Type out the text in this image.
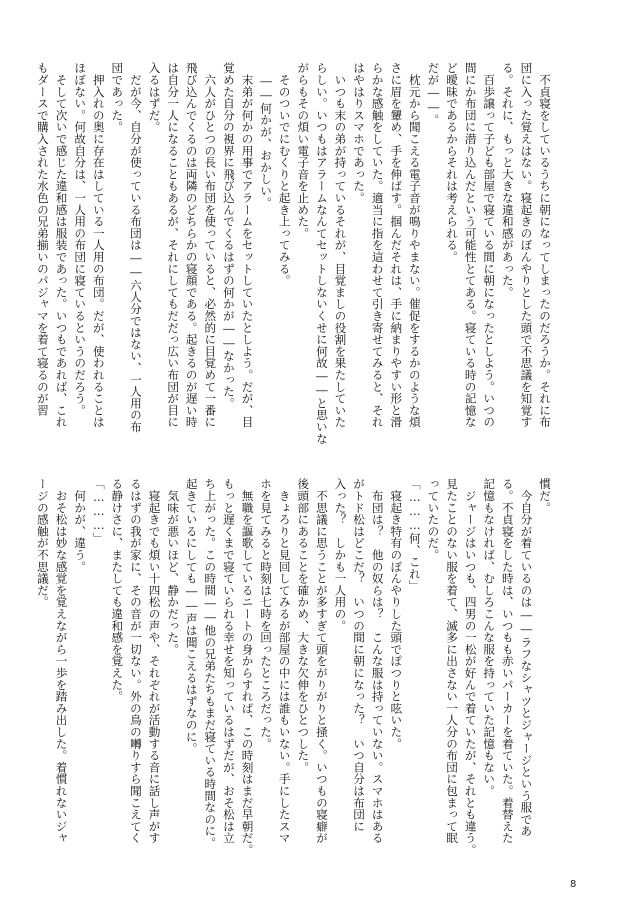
　不貞寝をしているうちに朝になってしまったのだろうか。それに布
団に入った覚えはない。寝起きのぼんやりとした頭で不思議を知覚す
る。それに、もっと大きな違和感があった。
　百歩譲って子ども部屋で寝ている間に朝になったとしよう。いつの
間にか布団に潜り込んだという可能性とてある。寝ている時の記憶な
ど曖昧であるからそれは考えられる。
だが――。

　枕元から聞こえる電子音が鳴りやまない。催促をするかのような煩
さに眉を顰め、手を伸ばす。掴んだそれは、手に納まりやすい形と滑
らかな感触をしていた。適当に指を這わせて引き寄せてみると、それ
はやはりスマホであった。
　いつも末の弟が持っているそれが、目覚ましの役割を果たしていた
らしい。いつもはアラームなんてセットしないくせに何故――と思いな
がらもその煩い電子音を止めた。
　そのついでにむくりと起き上ってみる。

　――何かが、おかしい。

　末弟が何かの用事でアラームをセットしていたとしよう。だが、目
覚めた自分の視界に飛び込んでくるはずの何かが――なかった。
　六人がひとつの長い布団を使っていると、必然的に目覚めて一番に
飛び込んでくるのは両隣のどちらかの寝顔である。起きるのが遅い時
は自分一人になることもあるが、それにしてもだだっ広い布団が目に
入るはずだ。
　だが今、自分が使っている布団は――六人分ではない、一人用の布
団であった。
　押入れの奥に存在はしている一人用の布団。だが、使われることは
ほぼない。何故自分は、一人用の布団に寝ているというのだろう。
　そして次いで感じた違和感は服装であった。いつもであれば、これ
もダースで購入された水色の兄弟揃いのパジャマを着て寝るのが習

慣だ。
　今自分が着ているのは――ラフなシャツとジャージという服であ
る。不貞寝をした時は、いつもも赤いパーカーを着ていた。着替えた
記憶もなければ、むしろこんな服を持っていた記憶もない。
　ジャージはいつも、四男の一松が好んで着ていたが、それとも違う。
見たことのない服を着て、滅多に出さない一人分の布団に包まって眠
っていたのだ。

「………何、これ」
　寝起き特有のぼんやりした頭でぽつりと呟いた。
　布団は？　他の奴らは？　こんな服は持っていない。スマホはある
がトド松はどこだ？　いつの間に朝になった？　いつ自分は布団に
入った？　しかも一人用の。
　不思議に思うことが多すぎて頭をがりがりと掻く。いつもの寝癖が
後頭部にあることを確かめ、大きな欠伸をひとつした。
　きょろりと見回してみるが部屋の中には誰もいない。手にしたスマ
ホを見てみると時刻は七時を回ったところだった。
　無職を謳歌しているニートの身からすれば、この時刻はまだ早朝だ。
もっと遅くまで寝ていられる幸せを知っているはずだが、おそ松は立
ち上がった。この時間――他の兄弟たちもまだ寝ている時間なのに。
起きているにしても――声は聞こえるはずなのに。
　気味が悪いほど、静かだった。
　寝起きでも煩い十四松の声や、それぞれが活動する音に話し声がす
るはずの我が家に、その音が一切ない。外の鳥の囀りすら聞こえてく
る静けさに、またしても違和感を覚えた。

「………」
　何かが、違う。
　おそ松は妙な感覚を覚えながら一歩を踏み出した。着慣れないジャ
ージの感触が不思議だ。

8
